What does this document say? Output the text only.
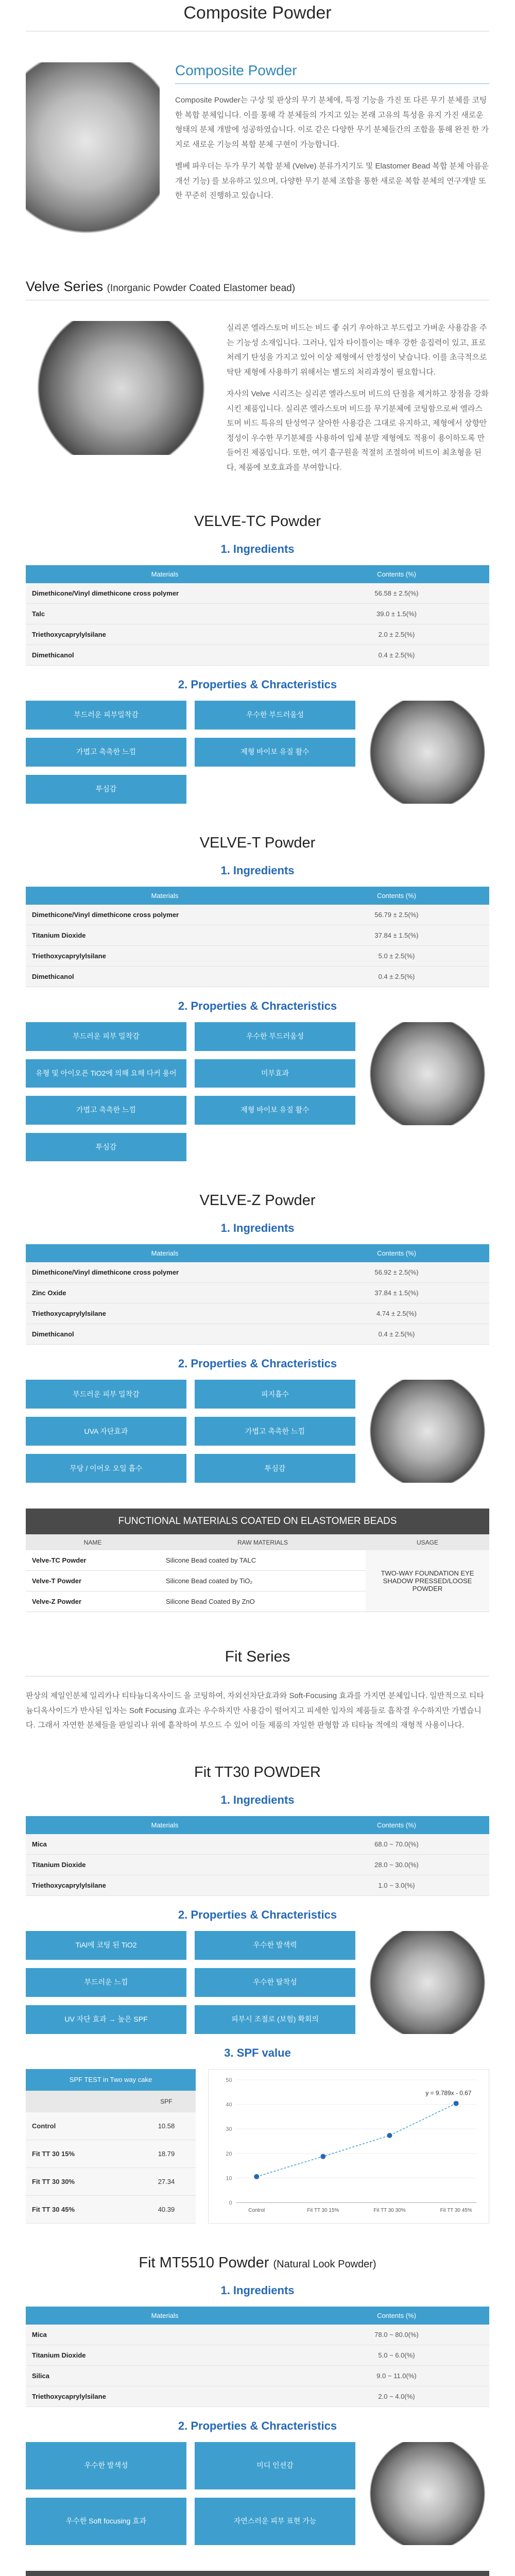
Composite Powder
Composite Powder

Composite Powder는 구상 및 판상의 무기 분체에, 특정 기능을 가진 또 다른 무기 분체를 코팅한 복합 분체입니다. 이를 통해 각 분체들의 가지고 있는 본래 고유의 특성을 유지 가진 새로운 형태의 분체 개발에 성공하였습니다. 이로 같은 다양한 무기 분체들간의 조합을 통해 완전 한 가지로 새로운 기능의 복합 분체 구현이 가능합니다.

벨베 파우더는 두가 무기 복합 분체 (Velve) 분류가지기도 및 Elastomer Bead 복합 분체 아름운 개선 기능) 를 보유하고 있으며, 다양한 무기 분체 조합을 통한 새로운 복합 분체의 연구개발 또한 꾸준히 진행하고 있습니다.

Velve Series (Inorganic Powder Coated Elastomer bead)

실리콘 엘라스토머 비드는 비드 좋 쉬기 우아하고 부드럽고 가벼운 사용감을 주는 기능성 소재입니다. 그러나, 입자 타이틀이는 매우 강한 응집력이 있고, 표로 처레기 탄성을 가지고 있어 이상 제형에서 안정성이 낮습니다. 이를 초극적으로 탁탄 제형에 사용하기 위해서는 별도의 처리과정이 필요합니다.

자사의 Velve 시리즈는 실리콘 엘라스토머 비드의 단점을 제거하고 장점을 강화시킨 제품입니다. 실리콘 엘라스토머 비드를 무기분체에 코팅함으로써 엘라스토머 비드 특유의 탄성역구 살아한 사용감은 그대로 유지하고, 제형에서 상향안정성이 우수한 무기분체를 사용하여 입체 분말 제형에도 적용이 용이하도록 만들어진 제품입니다. 또한, 여기 흩구원을 적절히 조절하여 비트이 최초형을 된다, 제품에 보호효과를 부여합니다.

VELVE-TC Powder
1. Ingredients
Materials	Contents (%)
Dimethicone/Vinyl dimethicone cross polymer	56.58 ± 2.5(%)
Talc	39.0 ± 1.5(%)
Triethoxycaprylylsilane	2.0 ± 2.5(%)
Dimethicanol	0.4 ± 2.5(%)
2. Properties & Chracteristics
부드러운 피부밀착감	우수한 부드러움성
가볍고 촉촉한 느낌	제형 바이보 유질 활수
투심감
VELVE-T Powder
1. Ingredients
Materials	Contents (%)
Dimethicone/Vinyl dimethicone cross polymer	56.79 ± 2.5(%)
Titanium Dioxide	37.84 ± 1.5(%)
Triethoxycaprylylsilane	5.0 ± 2.5(%)
Dimethicanol	0.4 ± 2.5(%)
2. Properties & Chracteristics
부드러운 피부 밀착감	우수한 부드러움성
유형 및 아이오픈 TiO2에 의해 요해 다커 용어	미부효과
가볍고 촉촉한 느낌	제형 바이보 유질 활수
투심감
VELVE-Z Powder
1. Ingredients
Materials	Contents (%)
Dimethicone/Vinyl dimethicone cross polymer	56.92 ± 2.5(%)
Zinc Oxide	37.84 ± 1.5(%)
Triethoxycaprylylsilane	4.74 ± 2.5(%)
Dimethicanol	0.4 ± 2.5(%)
2. Properties & Chracteristics
부드러운 피부 밀착감	피지흡수
UVA 자단효과	가볍고 촉촉한 느낌
무당 / 이어오 오일 흡수	투심감
FUNCTIONAL MATERIALS COATED ON ELASTOMER BEADS		
NAME	RAW MATERIALS	USAGE
Velve-TC Powder	Silicone Bead coated by TALC	TWO-WAY FOUNDATION EYE SHADOW PRESSED/LOOSE POWDER
Velve-T Powder	Silicone Bead coated by TiO₂	
Velve-Z Powder	Silicone Bead Coated By ZnO	
Fit Series

판상의 제일인분체 일리카나 티타늄디옥사이드 을 코팅하여, 자외선차단효과와 Soft-Focusing 효과를 가지면 분체입니다. 일반적으로 티타늄디옥사이드가 반사된 입자는 Soft Focusing 효과는 우수하지만 사용감이 떨어지고 피세한 입자의 제품들로 흡착결 우수하지만 가볍습니다. 그래서 자연한 분체들을 판일리나 위에 흩착하여 부으드 수 있어 이들 제품의 자일한 판형합 과 티타늄 적에의 재형적 사용이나다.

Fit TT30 POWDER
1. Ingredients
Materials	Contents (%)
Mica	68.0 ~ 70.0(%)
Titanium Dioxide	28.0 ~ 30.0(%)
Triethoxycaprylylsilane	1.0 ~ 3.0(%)
2. Properties & Chracteristics
TiAl에 코팅 된 TiO2	우수한 발색력
부드러운 느낌	우수한 탈착성
UV 자단 효과 → 높은 SPF	피부시 조절로 (보험) 확회의
3. SPF value
SPF TEST in Two way cake	
	SPF
Control	10.58
Fit TT 30 15%	18.79
Fit TT 30 30%	27.34
Fit TT 30 45%	40.39
0
10
20
30
40
50
Control	Fit TT 30 15%	Fit TT 30 30%	Fit TT 30 45%
y = 9.789x - 0.67
Fit MT5510 Powder (Natural Look Powder)
1. Ingredients
Materials	Contents (%)
Mica	78.0 ~ 80.0(%)
Titanium Dioxide	5.0 ~ 6.0(%)
Silica	9.0 ~ 11.0(%)
Triethoxycaprylylsilane	2.0 ~ 4.0(%)
2. Properties & Chracteristics
우수한 발색성	미디 인션감
우수한 Soft focusing 효과	자연스러운 피부 표현 가능
